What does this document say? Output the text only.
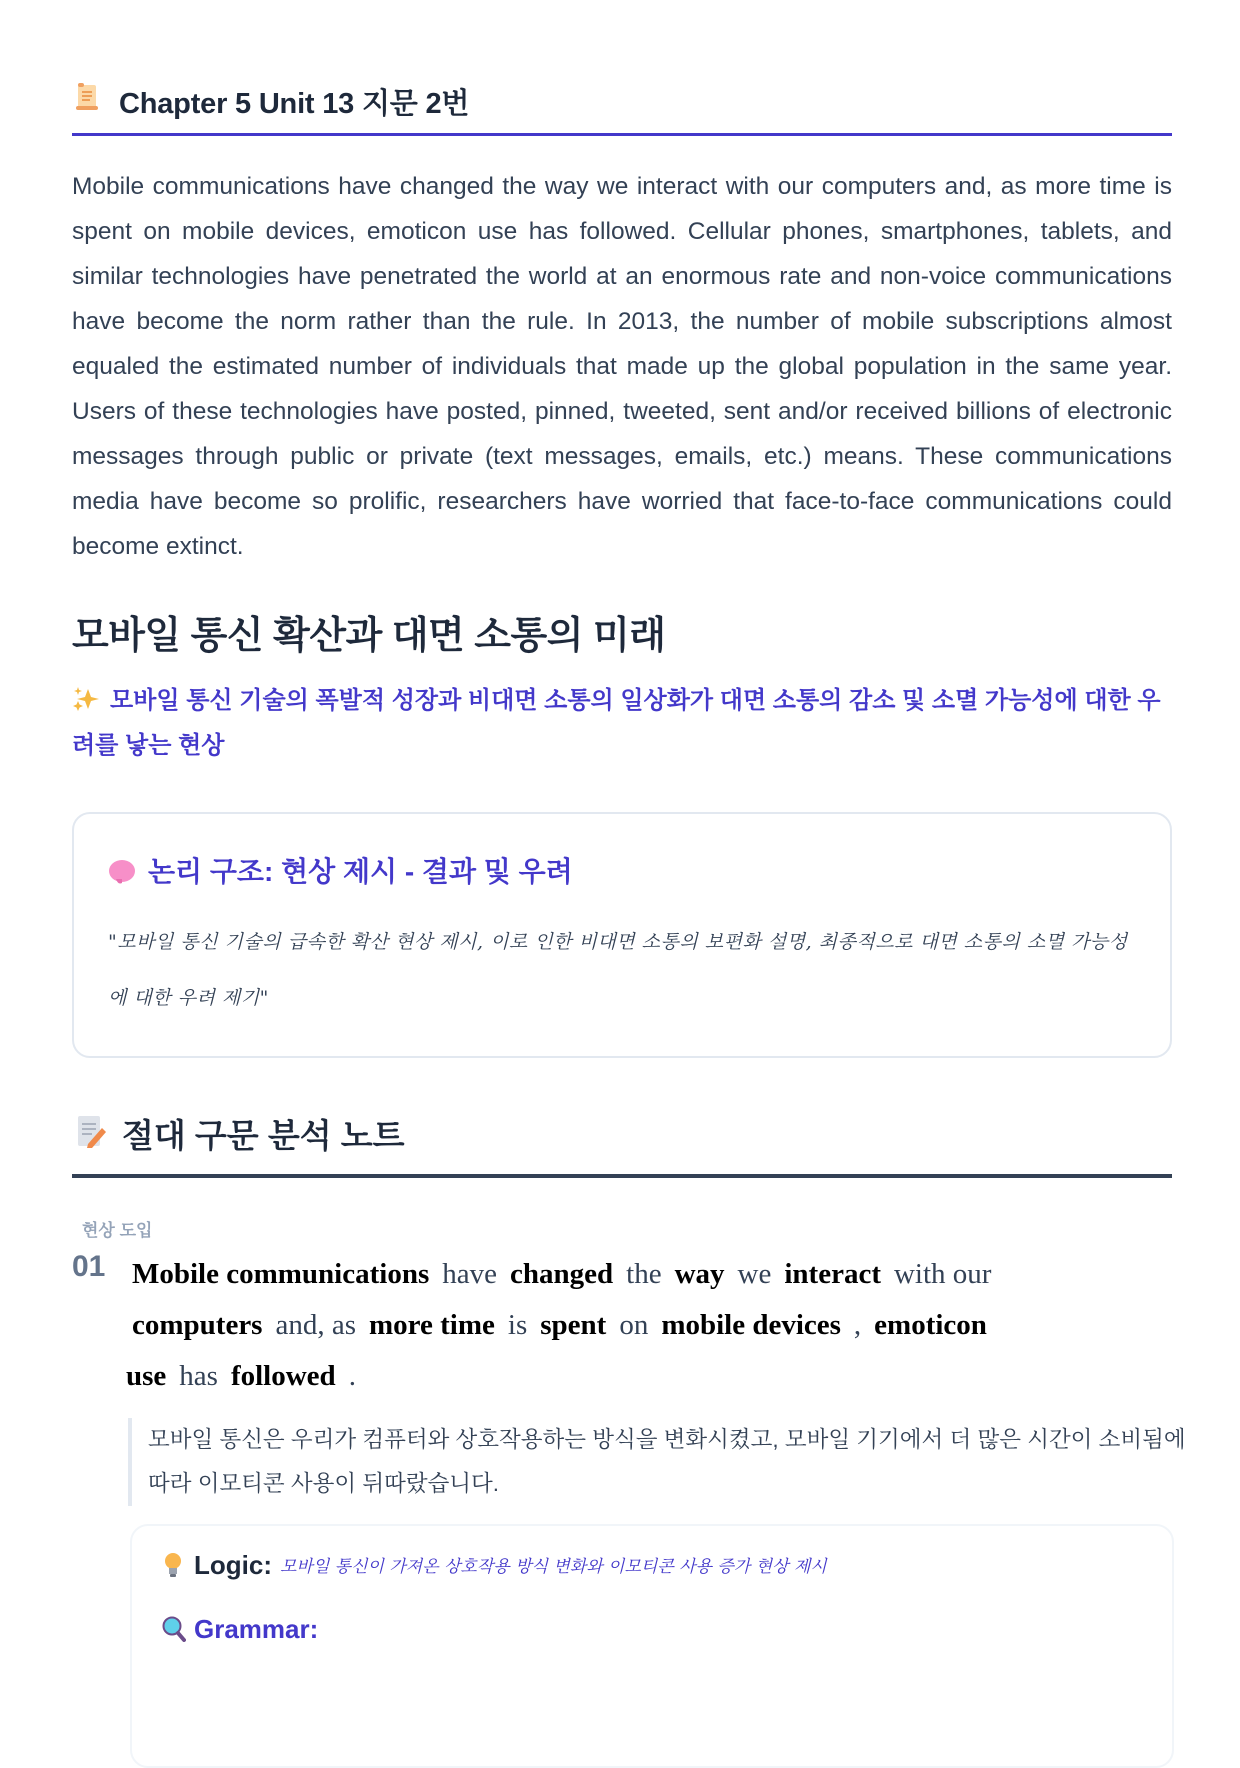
Chapter 5 Unit 13 지문 2번

Mobile communications have changed the way we interact with our computers and, as more time is spent on mobile devices, emoticon use has followed. Cellular phones, smartphones, tablets, and similar technologies have penetrated the world at an enormous rate and non-voice communications have become the norm rather than the rule. In 2013, the number of mobile subscriptions almost equaled the estimated number of individuals that made up the global population in the same year. Users of these technologies have posted, pinned, tweeted, sent and/or received billions of electronic messages through public or private (text messages, emails, etc.) means. These communications media have become so prolific, researchers have worried that face-to-face communications could become extinct.

모바일 통신 확산과 대면 소통의 미래
모바일 통신 기술의 폭발적 성장과 비대면 소통의 일상화가 대면 소통의 감소 및 소멸 가능성에 대한 우려를 낳는 현상
논리 구조: 현상 제시 - 결과 및 우려
"모바일 통신 기술의 급속한 확산 현상 제시, 이로 인한 비대면 소통의 보편화 설명, 최종적으로 대면 소통의 소멸 가능성에 대한 우려 제기"
절대 구문 분석 노트
현상 도입
01 Mobile communications have changed the way we interact with our
computers and, as more time is spent on mobile devices , emoticon
use has followed .
모바일 통신은 우리가 컴퓨터와 상호작용하는 방식을 변화시켰고, 모바일 기기에서 더 많은 시간이 소비됨에 따라 이모티콘 사용이 뒤따랐습니다.
Logic: 모바일 통신이 가져온 상호작용 방식 변화와 이모티콘 사용 증가 현상 제시
Grammar:
